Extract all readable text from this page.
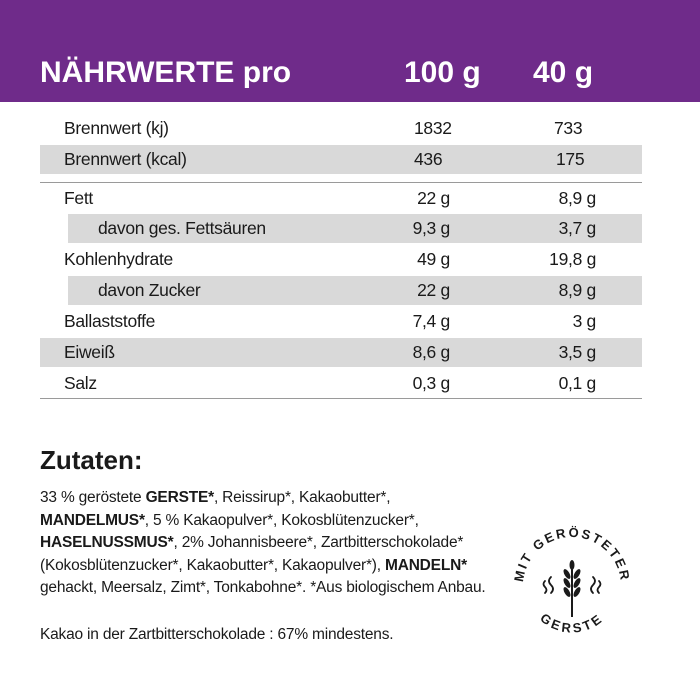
NÄHRWERTE pro	100 g 40 g
Brennwert (kj)	1832	733
Brennwert (kcal)	436	175
Fett	22 g	8,9 g
davon ges. Fettsäuren	9,3 g	3,7 g
Kohlenhydrate	49 g	19,8 g
davon Zucker	22 g	8,9 g
Ballaststoffe	7,4 g	3 g
Eiweiß	8,6 g	3,5 g
Salz	0,3 g	0,1 g
Zutaten:
33 % geröstete GERSTE*, Reissirup*, Kakaobutter*, MANDELMUS*, 5 % Kakaopulver*, Kokosblütenzucker*, HASELNUSSMUS*, 2% Johannisbeere*, Zartbitterschokolade* (Kokosblütenzucker*, Kakaobutter*, Kakaopulver*), MANDELN* gehackt, Meersalz, Zimt*, Tonkabohne*. *Aus biologischem Anbau.
Kakao in der Zartbitterschokolade : 67% mindestens.
MIT GERÖSTETER
GERSTE
